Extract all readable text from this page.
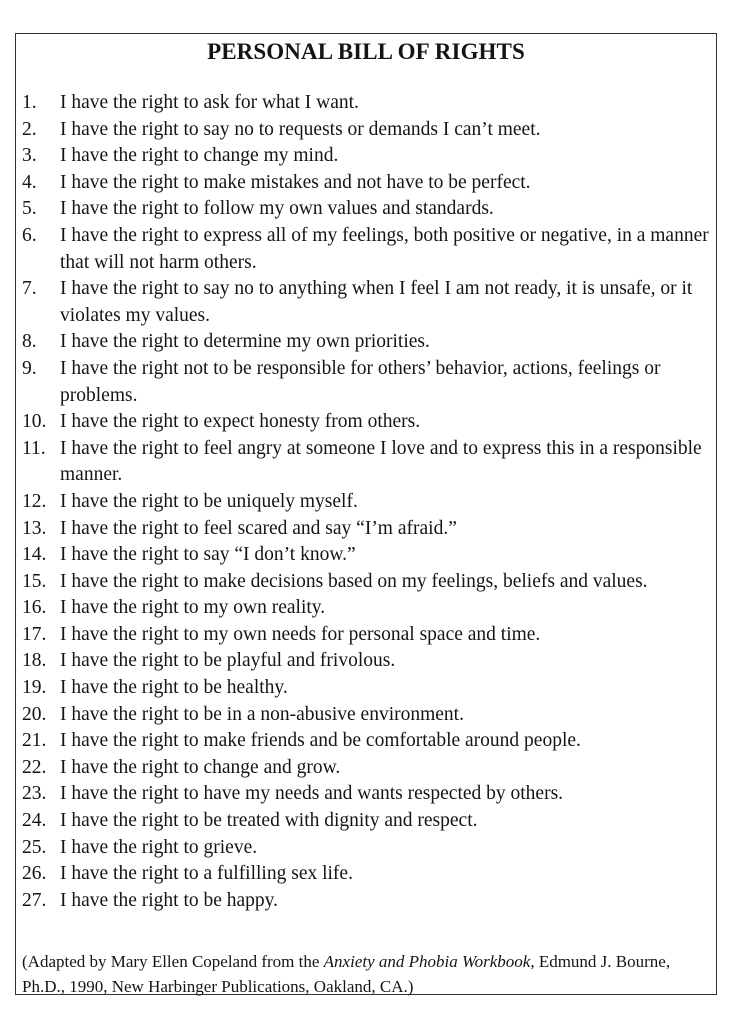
PERSONAL BILL OF RIGHTS
1.	I have the right to ask for what I want.
2.	I have the right to say no to requests or demands I can’t meet.
3.	I have the right to change my mind.
4.	I have the right to make mistakes and not have to be perfect.
5.	I have the right to follow my own values and standards.
6.	I have the right to express all of my feelings, both positive or negative, in a manner that will not harm others.
7.	I have the right to say no to anything when I feel I am not ready, it is unsafe, or it violates my values.
8.	I have the right to determine my own priorities.
9.	I have the right not to be responsible for others’ behavior, actions, feelings or problems.
10. I have the right to expect honesty from others.
11. I have the right to feel angry at someone I love and to express this in a responsible manner.
12. I have the right to be uniquely myself.
13. I have the right to feel scared and say “I’m afraid.”
14. I have the right to say “I don’t know.”
15. I have the right to make decisions based on my feelings, beliefs and values.
16. I have the right to my own reality.
17. I have the right to my own needs for personal space and time.
18. I have the right to be playful and frivolous.
19. I have the right to be healthy.
20. I have the right to be in a non-abusive environment.
21. I have the right to make friends and be comfortable around people.
22. I have the right to change and grow.
23. I have the right to have my needs and wants respected by others.
24. I have the right to be treated with dignity and respect.
25. I have the right to grieve.
26. I have the right to a fulfilling sex life.
27. I have the right to be happy.
(Adapted by Mary Ellen Copeland from the Anxiety and Phobia Workbook, Edmund J. Bourne, Ph.D., 1990, New Harbinger Publications, Oakland, CA.)
